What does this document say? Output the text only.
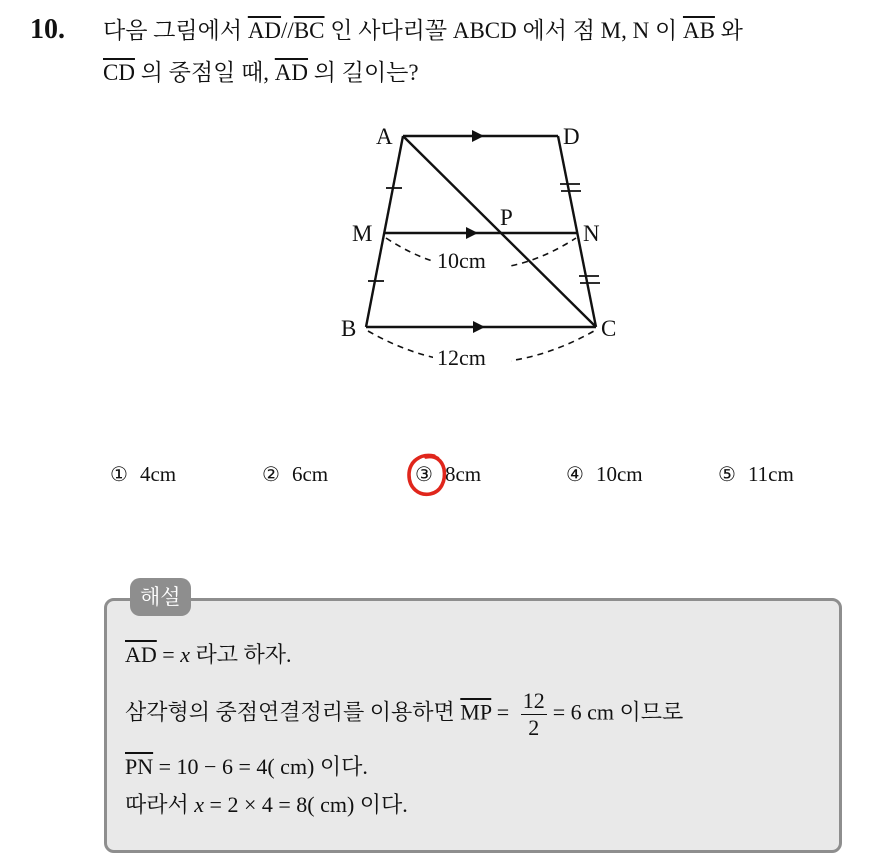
10. 다음 그림에서 $\overline{AD}//\overline{BC}$ 인 사다리꼴 ABCD 에서 점 M, N 이 $\overline{AB}$ 와
$\overline{CD}$ 의 중점일 때, $\overline{AD}$ 의 길이는?
A	D
M	N
P
B	C
10cm
12cm
① 4cm	② 6cm	③ 8cm	④ 10cm	⑤ 11cm
해설
$\overline{AD} = x$ 라고 하자.
삼각형의 중점연결정리를 이용하면 $\overline{MP} = \frac{12}{2} = 6$ cm 이므로
$\overline{PN} = 10 - 6 = 4$( cm) 이다.
따라서 x = 2 × 4 = 8( cm) 이다.
